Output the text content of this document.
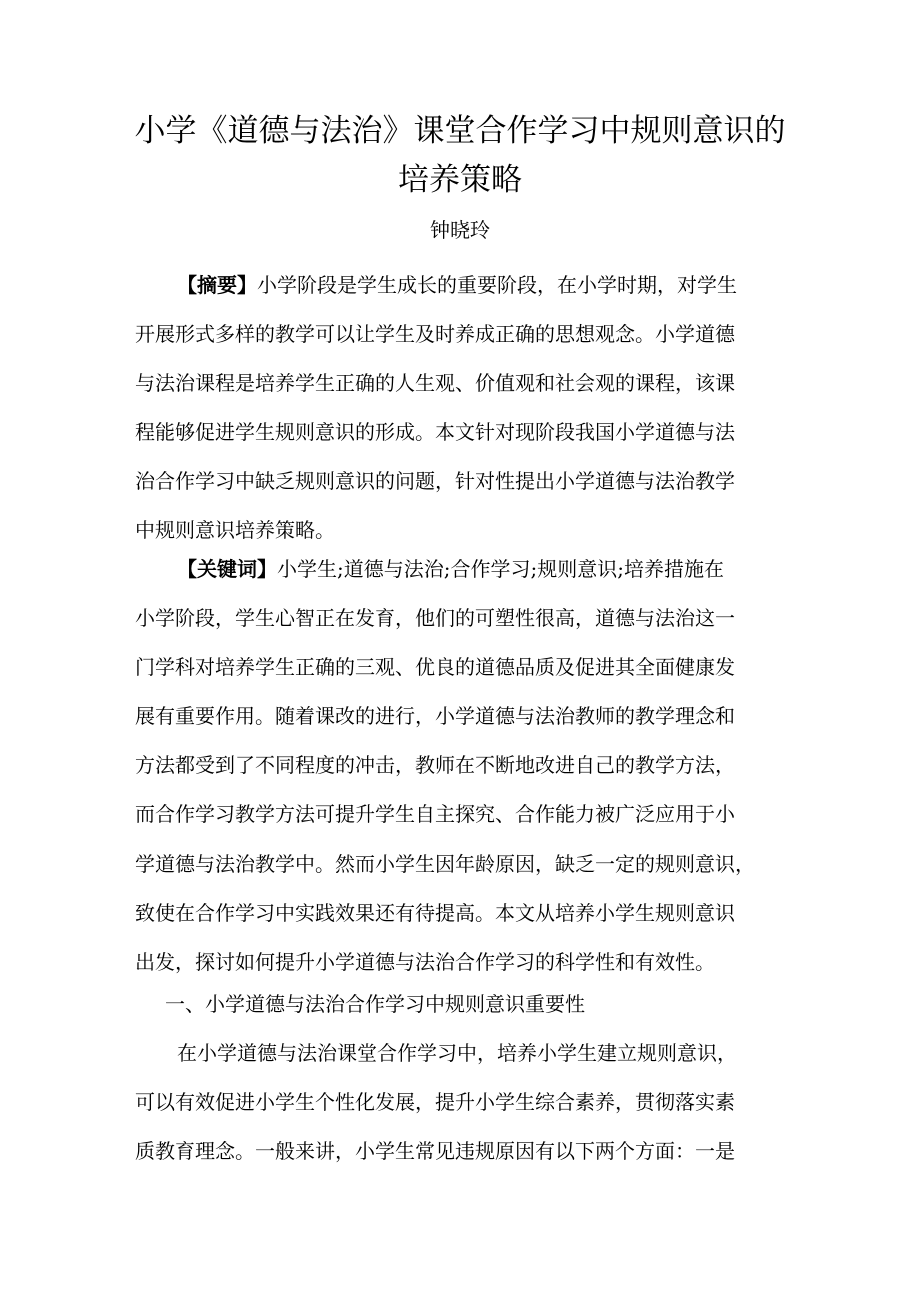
小学《道德与法治》课堂合作学习中规则意识的
培养策略

钟晓玲

【摘要】小学阶段是学生成长的重要阶段，在小学时期，对学生
开展形式多样的教学可以让学生及时养成正确的思想观念。小学道德
与法治课程是培养学生正确的人生观、价值观和社会观的课程，该课
程能够促进学生规则意识的形成。本文针对现阶段我国小学道德与法
治合作学习中缺乏规则意识的问题，针对性提出小学道德与法治教学
中规则意识培养策略。
【关键词】小学生;道德与法治;合作学习;规则意识;培养措施在
小学阶段，学生心智正在发育，他们的可塑性很高，道德与法治这一
门学科对培养学生正确的三观、优良的道德品质及促进其全面健康发
展有重要作用。随着课改的进行，小学道德与法治教师的教学理念和
方法都受到了不同程度的冲击，教师在不断地改进自己的教学方法，
而合作学习教学方法可提升学生自主探究、合作能力被广泛应用于小
学道德与法治教学中。然而小学生因年龄原因，缺乏一定的规则意识，
致使在合作学习中实践效果还有待提高。本文从培养小学生规则意识
出发，探讨如何提升小学道德与法治合作学习的科学性和有效性。
一、小学道德与法治合作学习中规则意识重要性
在小学道德与法治课堂合作学习中，培养小学生建立规则意识，
可以有效促进小学生个性化发展，提升小学生综合素养，贯彻落实素
质教育理念。一般来讲，小学生常见违规原因有以下两个方面：一是
